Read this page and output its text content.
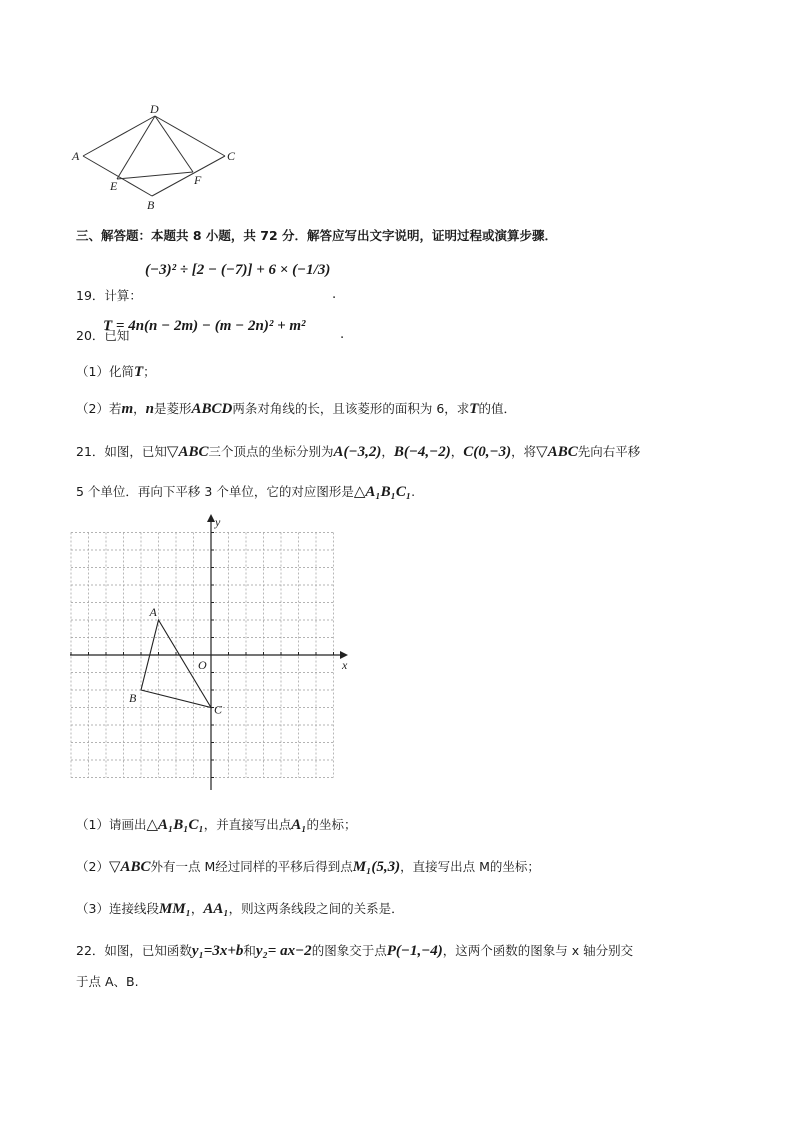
D
A	C
E	F
B
三、解答题：本题共 8 小题，共 72 分．解答应写出文字说明，证明过程或演算步骤．
(−3)² ÷ [2 − (−7)] + 6 × (−1/3)
19．计算：	.
20．已知
T = 4n(n − 2m) − (m − 2n)² + m²
.
（1）化简T；
（2）若m，n是菱形ABCD两条对角线的长，且该菱形的面积为 6，求T的值．
21．如图，已知▽ABC三个顶点的坐标分别为A(−3,2)，B(−4,−2)，C(0,−3)，将▽ABC先向右平移
5 个单位．再向下平移 3 个单位，它的对应图形是△A₁B₁C₁.
x
y
O
A
B
C
（1）请画出△A₁B₁C₁，并直接写出点A₁的坐标；
（2）▽ABC外有一点 M经过同样的平移后得到点M₁(5,3)，直接写出点 M的坐标；
（3）连接线段MM₁，AA₁，则这两条线段之间的关系是．
22．如图，已知函数y₁=3x+b和y₂= ax−2的图象交于点P(−1,−4)，这两个函数的图象与 x 轴分别交
于点 A、B.
